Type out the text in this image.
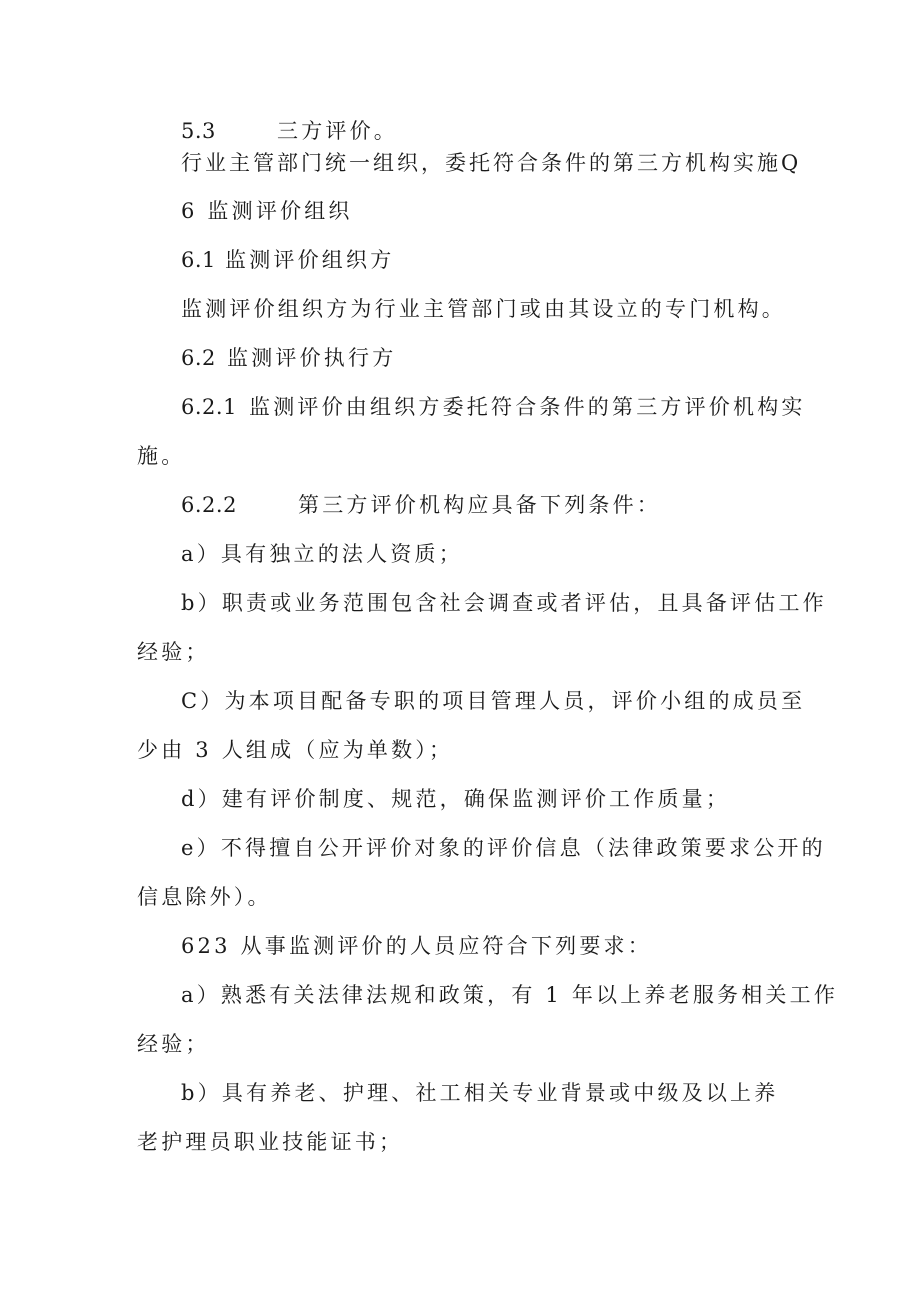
5.3	三方评价。
行业主管部门统一组织，委托符合条件的第三方机构实施Q
6 监测评价组织
6.1 监测评价组织方
监测评价组织方为行业主管部门或由其设立的专门机构。
6.2 监测评价执行方
6.2.1 监测评价由组织方委托符合条件的第三方评价机构实
施。
6.2.2	第三方评价机构应具备下列条件：
a）具有独立的法人资质；
b）职责或业务范围包含社会调查或者评估，且具备评估工作
经验；
C）为本项目配备专职的项目管理人员，评价小组的成员至
少由 3 人组成（应为单数）；
d）建有评价制度、规范，确保监测评价工作质量；
e）不得擅自公开评价对象的评价信息（法律政策要求公开的
信息除外）。
623 从事监测评价的人员应符合下列要求：
a）熟悉有关法律法规和政策，有 1 年以上养老服务相关工作
经验；
b）具有养老、护理、社工相关专业背景或中级及以上养
老护理员职业技能证书；
